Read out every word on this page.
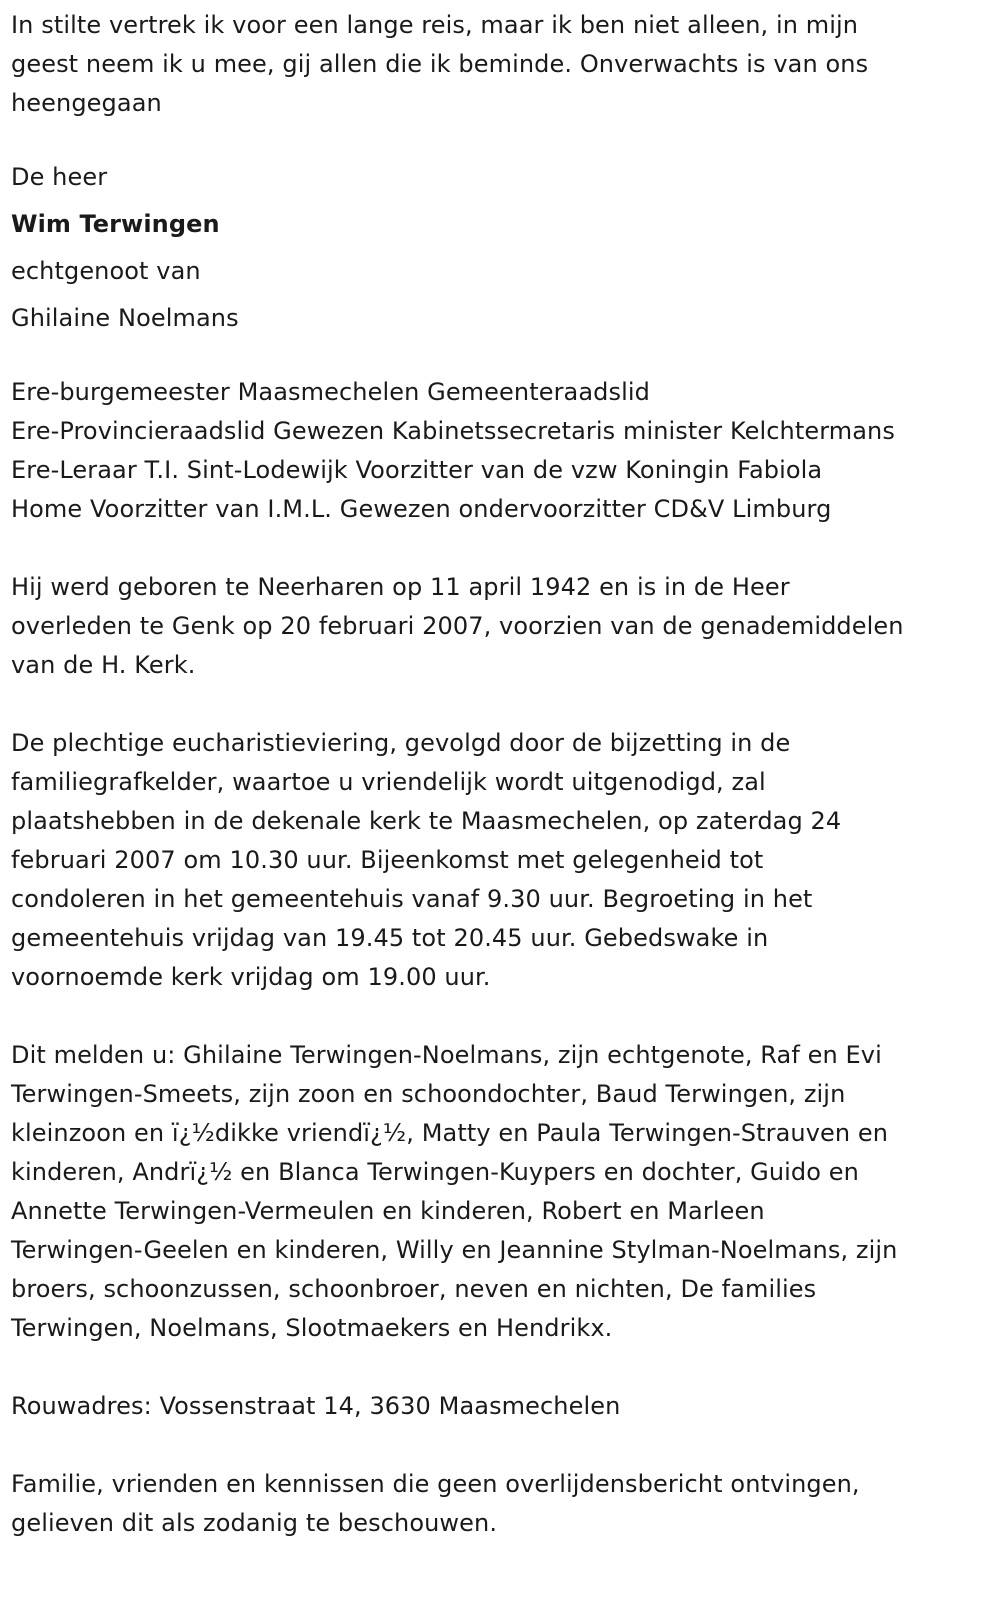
In stilte vertrek ik voor een lange reis, maar ik ben niet alleen, in mijn
geest neem ik u mee, gij allen die ik beminde. Onverwachts is van ons
heengegaan
De heer
Wim Terwingen
echtgenoot van
Ghilaine Noelmans
Ere-burgemeester Maasmechelen Gemeenteraadslid
Ere-Provincieraadslid Gewezen Kabinetssecretaris minister Kelchtermans
Ere-Leraar T.I. Sint-Lodewijk Voorzitter van de vzw Koningin Fabiola
Home Voorzitter van I.M.L. Gewezen ondervoorzitter CD&V Limburg
Hij werd geboren te Neerharen op 11 april 1942 en is in de Heer
overleden te Genk op 20 februari 2007, voorzien van de genademiddelen
van de H. Kerk.
De plechtige eucharistieviering, gevolgd door de bijzetting in de
familiegrafkelder, waartoe u vriendelijk wordt uitgenodigd, zal
plaatshebben in de dekenale kerk te Maasmechelen, op zaterdag 24
februari 2007 om 10.30 uur. Bijeenkomst met gelegenheid tot
condoleren in het gemeentehuis vanaf 9.30 uur. Begroeting in het
gemeentehuis vrijdag van 19.45 tot 20.45 uur. Gebedswake in
voornoemde kerk vrijdag om 19.00 uur.
Dit melden u: Ghilaine Terwingen-Noelmans, zijn echtgenote, Raf en Evi
Terwingen-Smeets, zijn zoon en schoondochter, Baud Terwingen, zijn
kleinzoon en ï¿½dikke vriendï¿½, Matty en Paula Terwingen-Strauven en
kinderen, Andrï¿½ en Blanca Terwingen-Kuypers en dochter, Guido en
Annette Terwingen-Vermeulen en kinderen, Robert en Marleen
Terwingen-Geelen en kinderen, Willy en Jeannine Stylman-Noelmans, zijn
broers, schoonzussen, schoonbroer, neven en nichten, De families
Terwingen, Noelmans, Slootmaekers en Hendrikx.
Rouwadres: Vossenstraat 14, 3630 Maasmechelen
Familie, vrienden en kennissen die geen overlijdensbericht ontvingen,
gelieven dit als zodanig te beschouwen.
